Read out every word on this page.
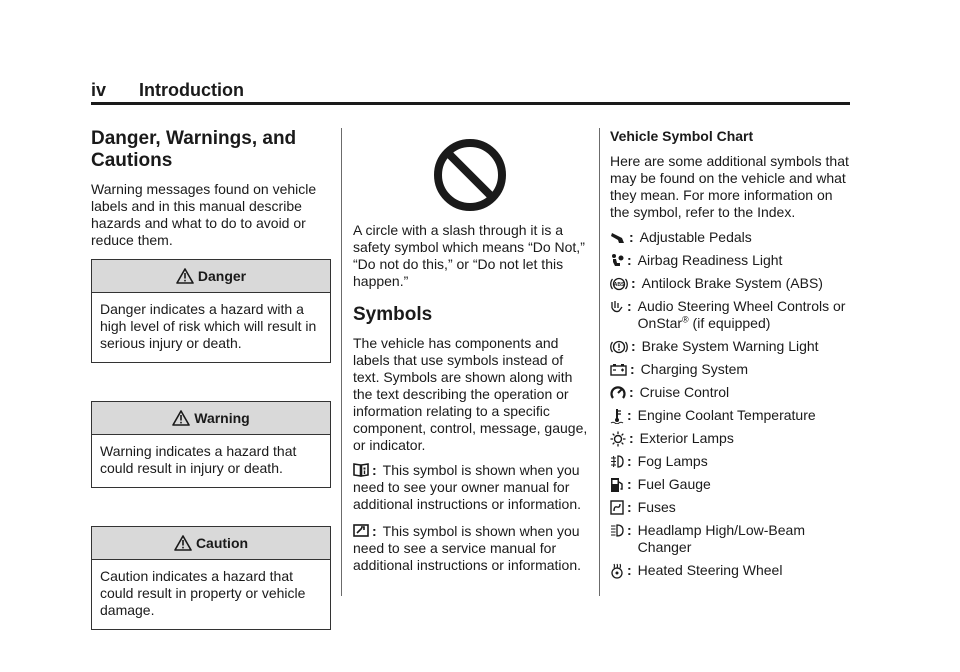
iv Introduction
Danger, Warnings, and Cautions

Warning messages found on vehicle labels and in this manual describe hazards and what to do to avoid or reduce them.

Danger
Danger indicates a hazard with a high level of risk which will result in serious injury or death.
Warning
Warning indicates a hazard that could result in injury or death.
Caution
Caution indicates a hazard that could result in property or vehicle damage.

A circle with a slash through it is a safety symbol which means “Do Not,” “Do not do this,” or “Do not let this happen.”

Symbols

The vehicle has components and labels that use symbols instead of text. Symbols are shown along with the text describing the operation or information relating to a specific component, control, message, gauge, or indicator.

: This symbol is shown when you need to see your owner manual for additional instructions or information.
: This symbol is shown when you need to see a service manual for additional instructions or information.
Vehicle Symbol Chart

Here are some additional symbols that may be found on the vehicle and what they mean. For more information on the symbol, refer to the Index.

: Adjustable Pedals
: Airbag Readiness Light
ABS : Antilock Brake System (ABS)
: Audio Steering Wheel Controls or OnStar® (if equipped)
: Brake System Warning Light
: Charging System
: Cruise Control
: Engine Coolant Temperature
: Exterior Lamps
: Fog Lamps
: Fuel Gauge
: Fuses
: Headlamp High/Low-Beam Changer
: Heated Steering Wheel
